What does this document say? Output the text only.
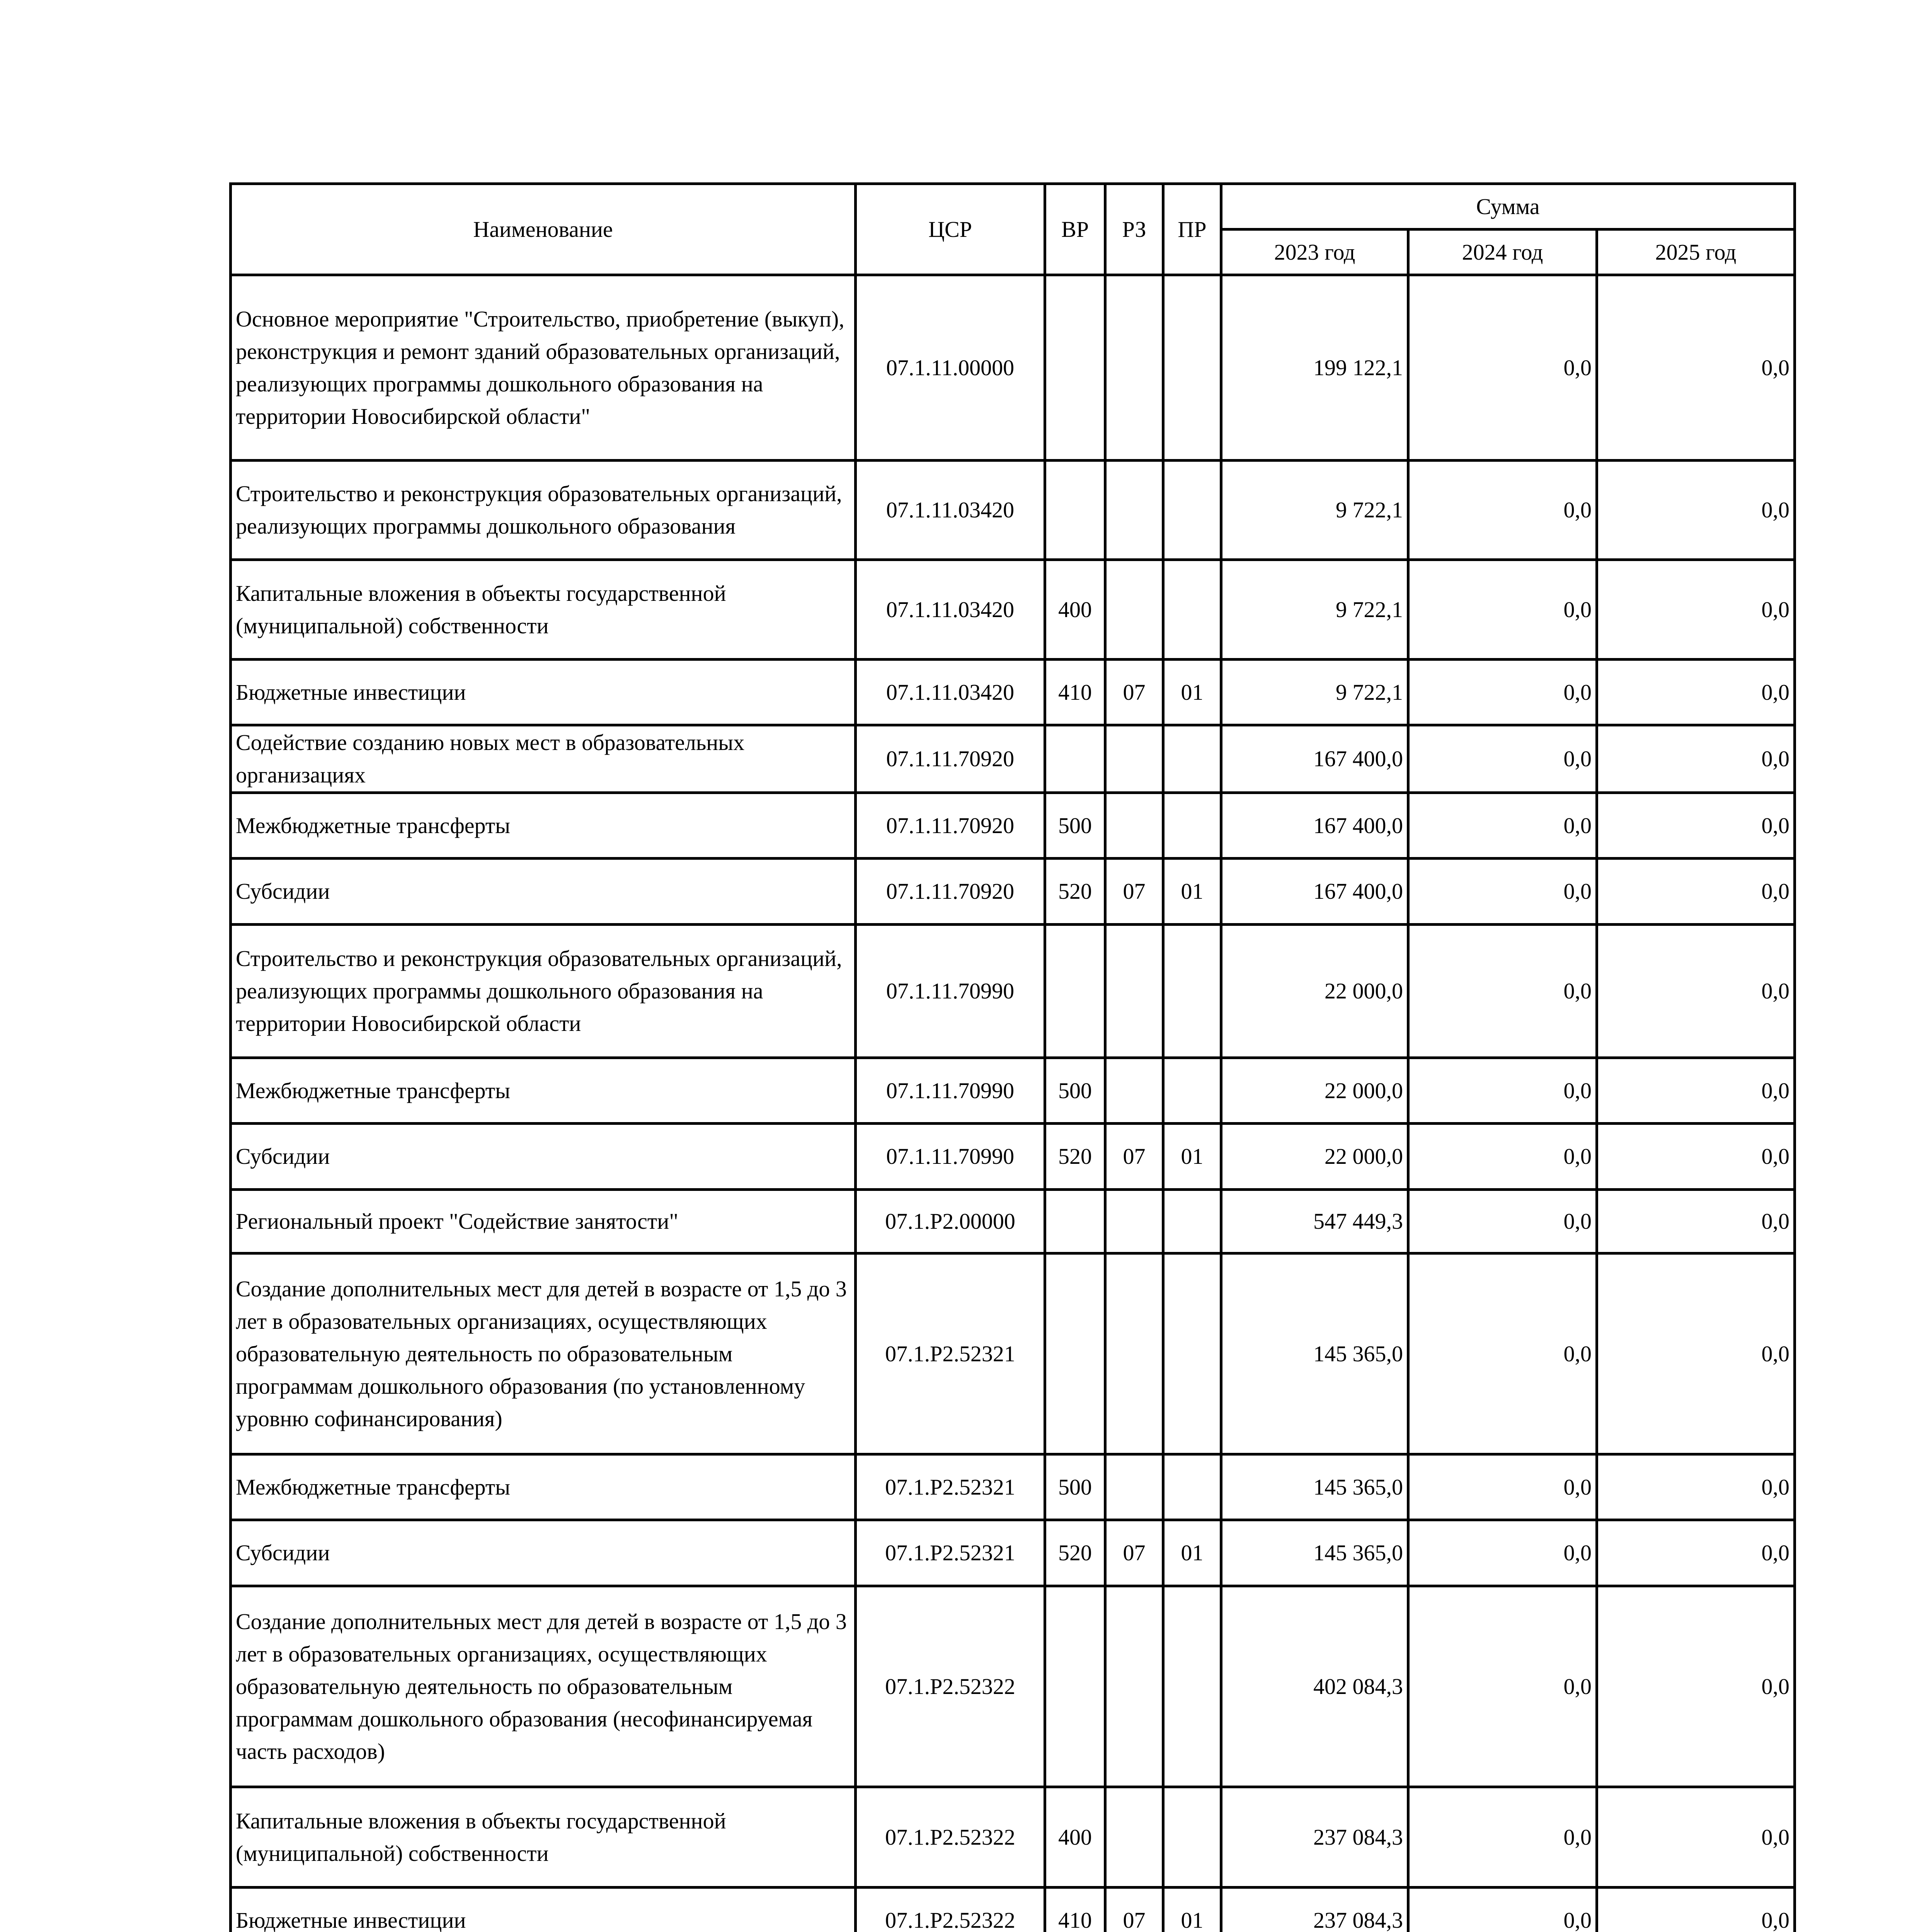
Наименование	ЦСР	ВР	РЗ	ПР	Сумма		
					2023 год	2024 год	2025 год
Основное мероприятие "Строительство, приобретение (выкуп), реконструкция и ремонт зданий образовательных организаций, реализующих программы дошкольного образования на территории Новосибирской области"	07.1.11.00000				199 122,1	0,0	0,0
Строительство и реконструкция образовательных организаций, реализующих программы дошкольного образования	07.1.11.03420				9 722,1	0,0	0,0
Капитальные вложения в объекты государственной (муниципальной) собственности	07.1.11.03420	400			9 722,1	0,0	0,0
Бюджетные инвестиции	07.1.11.03420	410	07	01	9 722,1	0,0	0,0
Содействие созданию новых мест в образовательных организациях	07.1.11.70920				167 400,0	0,0	0,0
Межбюджетные трансферты	07.1.11.70920	500			167 400,0	0,0	0,0
Субсидии	07.1.11.70920	520	07	01	167 400,0	0,0	0,0
Строительство и реконструкция образовательных организаций, реализующих программы дошкольного образования на территории Новосибирской области	07.1.11.70990				22 000,0	0,0	0,0
Межбюджетные трансферты	07.1.11.70990	500			22 000,0	0,0	0,0
Субсидии	07.1.11.70990	520	07	01	22 000,0	0,0	0,0
Региональный проект "Содействие занятости"	07.1.P2.00000				547 449,3	0,0	0,0
Создание дополнительных мест для детей в возрасте от 1,5 до 3 лет в образовательных организациях, осуществляющих образовательную деятельность по образовательным программам дошкольного образования (по установленному уровню софинансирования)	07.1.P2.52321				145 365,0	0,0	0,0
Межбюджетные трансферты	07.1.P2.52321	500			145 365,0	0,0	0,0
Субсидии	07.1.P2.52321	520	07	01	145 365,0	0,0	0,0
Создание дополнительных мест для детей в возрасте от 1,5 до 3 лет в образовательных организациях, осуществляющих образовательную деятельность по образовательным программам дошкольного образования (несофинансируемая часть расходов)	07.1.P2.52322				402 084,3	0,0	0,0
Капитальные вложения в объекты государственной (муниципальной) собственности	07.1.P2.52322	400			237 084,3	0,0	0,0
Бюджетные инвестиции	07.1.P2.52322	410	07	01	237 084,3	0,0	0,0
